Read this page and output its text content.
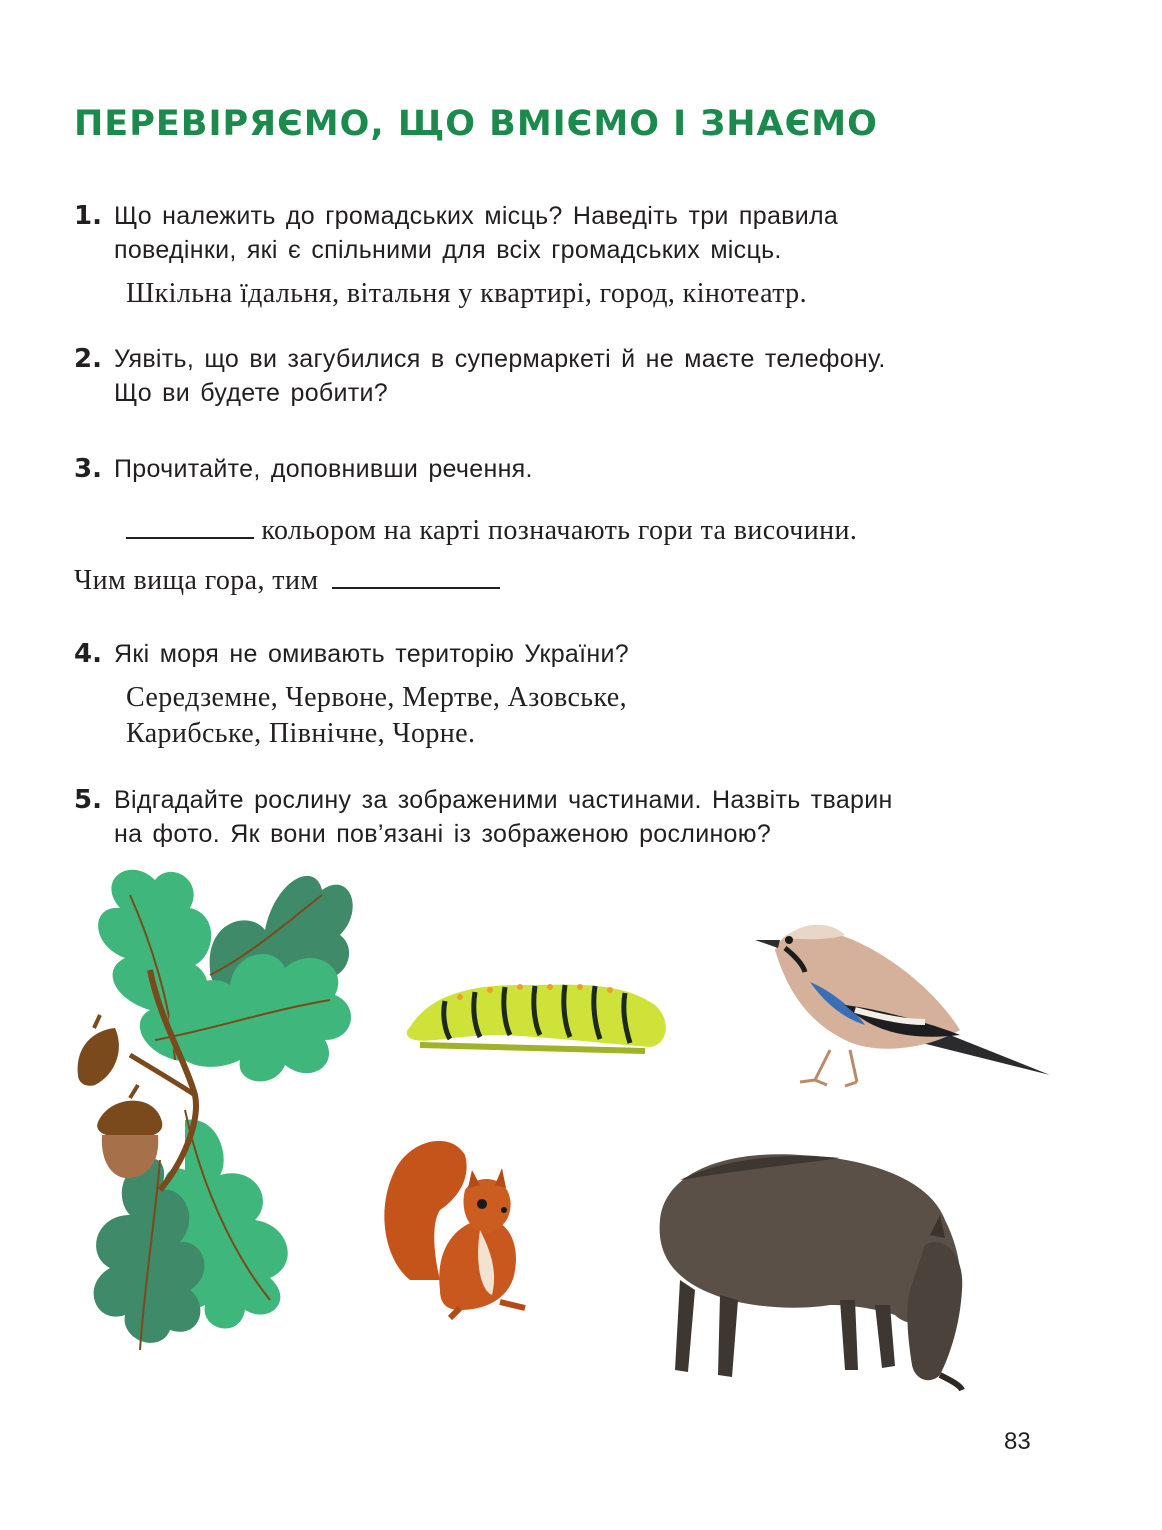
ПЕРЕВІРЯЄМО, ЩО ВМІЄМО І ЗНАЄМО
1. Що належить до громадських місць? Наведіть три правила
поведінки, які є спільними для всіх громадських місць.

Шкільна їдальня, вітальня у квартирі, город, кінотеатр.

2. Уявіть, що ви загубилися в супермаркеті й не маєте телефону.
Що ви будете робити?

3. Прочитайте, доповнивши речення.

кольором на карті позначають гори та височини.

Чим вища гора, тим

4. Які моря не омивають територію України?

Середземне, Червоне, Мертве, Азовське,
Карибське, Північне, Чорне.

5. Відгадайте рослину за зображеними частинами. Назвіть тварин
на фото. Як вони пов’язані із зображеною рослиною?

83
